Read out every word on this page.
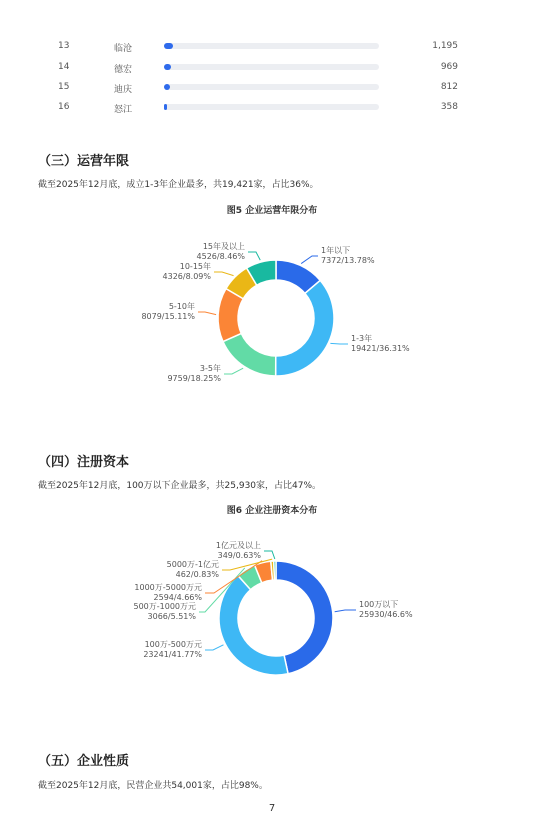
13	临沧	1,195
14	德宏	969
15	迪庆	812
16	怒江	358
（三）运营年限
截至2025年12月底，成立1-3年企业最多，共19,421家，占比36%。
图5 企业运营年限分布
1年以下
7372/13.78%
1-3年
19421/36.31%
3-5年
9759/18.25%
5-10年
8079/15.11%
10-15年
4326/8.09%
15年及以上
4526/8.46%
（四）注册资本
截至2025年12月底，100万以下企业最多，共25,930家，占比47%。
图6 企业注册资本分布
100万以下
25930/46.6%
100万-500万元
23241/41.77%
500万-1000万元
3066/5.51%
1000万-5000万元
2594/4.66%
5000万-1亿元
462/0.83%
1亿元及以上
349/0.63%
（五）企业性质
截至2025年12月底，民营企业共54,001家，占比98%。
7
